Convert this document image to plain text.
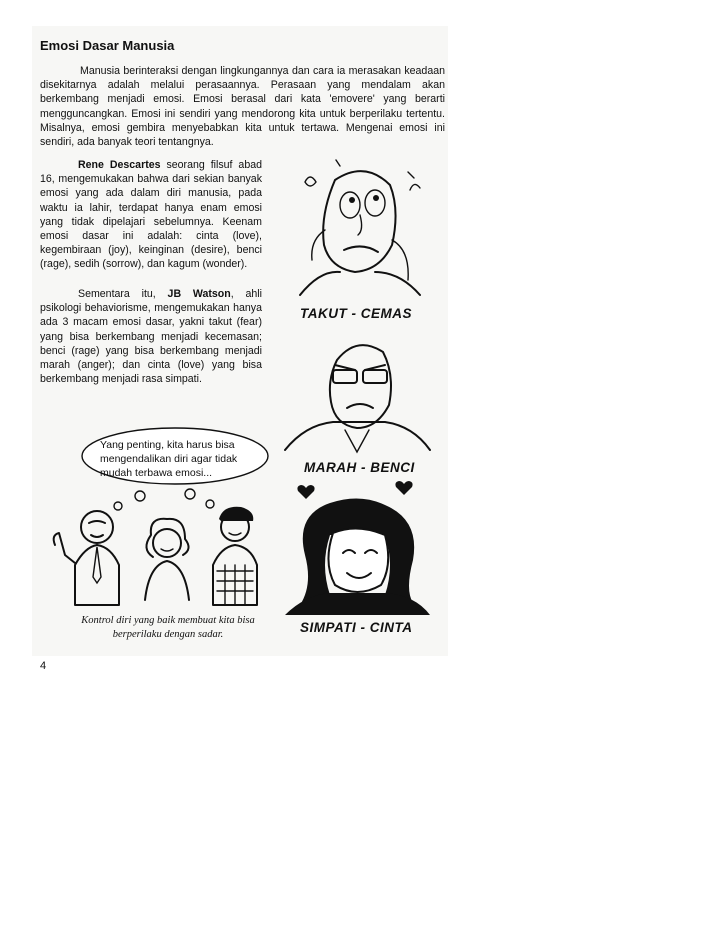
Emosi Dasar Manusia
Manusia berinteraksi dengan lingkungannya dan cara ia merasakan keadaan disekitarnya adalah melalui perasaannya. Perasaan yang mendalam akan berkembang menjadi emosi. Emosi berasal dari kata 'emovere' yang berarti mengguncangkan. Emosi ini sendiri yang mendorong kita untuk berperilaku tertentu. Misalnya, emosi gembira menyebabkan kita untuk tertawa. Mengenai emosi ini sendiri, ada banyak teori tentangnya.
Rene Descartes seorang filsuf abad 16, mengemukakan bahwa dari sekian banyak emosi yang ada dalam diri manusia, pada waktu ia lahir, terdapat hanya enam emosi yang tidak dipelajari sebelumnya. Keenam emosi dasar ini adalah: cinta (love), kegembiraan (joy), keinginan (desire), benci (rage), sedih (sorrow), dan kagum (wonder).
Sementara itu, JB Watson, ahli psikologi behaviorisme, mengemukakan hanya ada 3 macam emosi dasar, yakni takut (fear) yang bisa berkembang menjadi kecemasan; benci (rage) yang bisa berkembang menjadi marah (anger); dan cinta (love) yang bisa berkembang menjadi rasa simpati.
TAKUT - CEMAS
MARAH - BENCI
SIMPATI - CINTA
Yang penting, kita harus bisa mengendalikan diri agar tidak mudah terbawa emosi...
Kontrol diri yang baik membuat kita bisa berperilaku dengan sadar.
4
